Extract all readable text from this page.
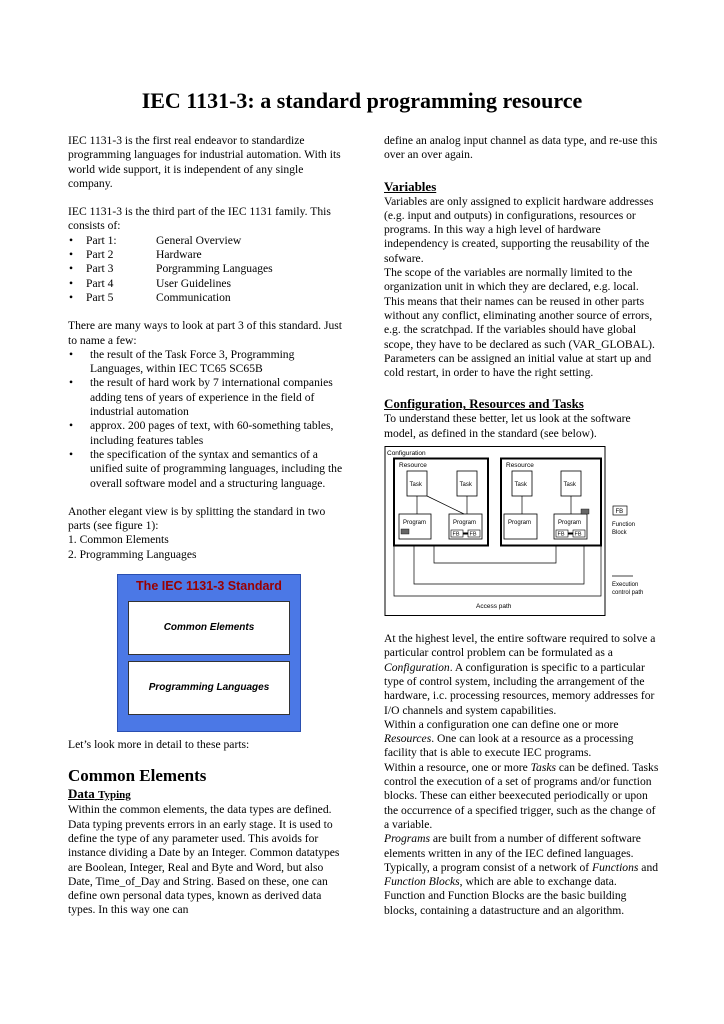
IEC 1131-3: a standard programming resource

IEC 1131-3 is the first real endeavor to standardize programming languages for industrial automation. With its world wide support, it is independent of any single company.

IEC 1131-3 is the third part of the IEC 1131 family. This consists of:

• Part 1:	General Overview
• Part 2	Hardware
• Part 3	Porgramming Languages
• Part 4	User Guidelines
• Part 5	Communication

There are many ways to look at part 3 of this standard. Just to name a few:

• the result of the Task Force 3, Programming Languages, within IEC TC65 SC65B
• the result of hard work by 7 international companies adding tens of years of experience in the field of industrial automation
• approx. 200 pages of text, with 60-something tables, including features tables
• the specification of the syntax and semantics of a unified suite of programming languages, including the overall software model and a structuring language.

Another elegant view is by splitting the standard in two parts (see figure 1):

1. Common Elements
2. Programming Languages
The IEC 1131-3 Standard
Common Elements
Programming Languages

Let’s look more in detail to these parts:

Common Elements
Data Typing

Within the common elements, the data types are defined. Data typing prevents errors in an early stage. It is used to define the type of any parameter used. This avoids for instance dividing a Date by an Integer. Common datatypes are Boolean, Integer, Real and Byte and Word, but also Date, Time_of_Day and String. Based on these, one can define own personal data types, known as derived data types. In this way one can

define an analog input channel as data type, and re-use this over an over again.

Variables

Variables are only assigned to explicit hardware addresses (e.g. input and outputs) in configurations, resources or programs. In this way a high level of hardware independency is created, supporting the reusability of the sofware.

The scope of the variables are normally limited to the organization unit in which they are declared, e.g. local. This means that their names can be reused in other parts without any conflict, eliminating another source of errors, e.g. the scratchpad. If the variables should have global scope, they have to be declared as such (VAR_GLOBAL). Parameters can be assigned an initial value at start up and cold restart, in order to have the right setting.

Configuration, Resources and Tasks

To understand these better, let us look at the software model, as defined in the standard (see below).

Configuration
Resource	Resource
Task	Task	Task	Task
Program	Program	Program	Program
FB FB	FB FB
Access path
FB
Function
Block
Execution
control path

At the highest level, the entire software required to solve a particular control problem can be formulated as a Configuration. A configuration is specific to a particular type of control system, including the arrangement of the hardware, i.c. processing resources, memory addresses for I/O channels and system capabilities.

Within a configuration one can define one or more Resources. One can look at a resource as a processing facility that is able to execute IEC programs.

Within a resource, one or more Tasks can be defined. Tasks control the execution of a set of programs and/or function blocks. These can either beexecuted periodically or upon the occurrence of a specified trigger, such as the change of a variable.

Programs are built from a number of different software elements written in any of the IEC defined languages. Typically, a program consist of a network of Functions and Function Blocks, which are able to exchange data. Function and Function Blocks are the basic building blocks, containing a datastructure and an algorithm.
